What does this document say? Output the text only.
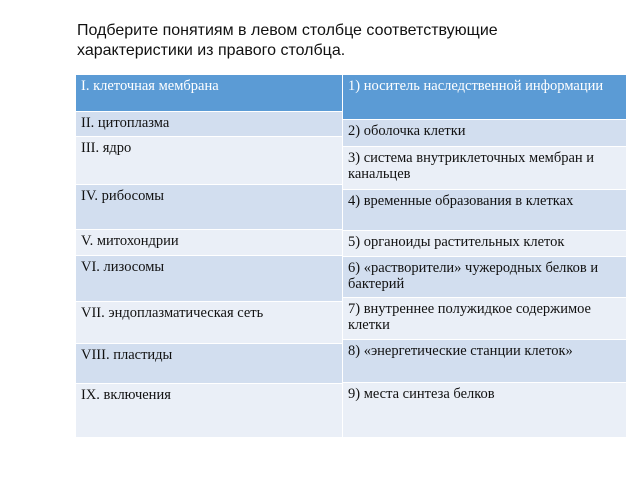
Подберите понятиям в левом столбце соответствующие характеристики из правого столбца.
I. клеточная мембрана
II. цитоплазма
III. ядро
IV. рибосомы
V. митохондрии
VI. лизосомы
VII. эндоплазматическая сеть
VIII. пластиды
IX. включения
1) носитель наследственной информации
2) оболочка клетки
3) система внутриклеточных мембран и канальцев
4) временные образования в клетках
5) органоиды растительных клеток
6) «растворители» чужеродных белков и бактерий
7) внутреннее полужидкое содержимое клетки
8) «энергетические станции клеток»
9) места синтеза белков
